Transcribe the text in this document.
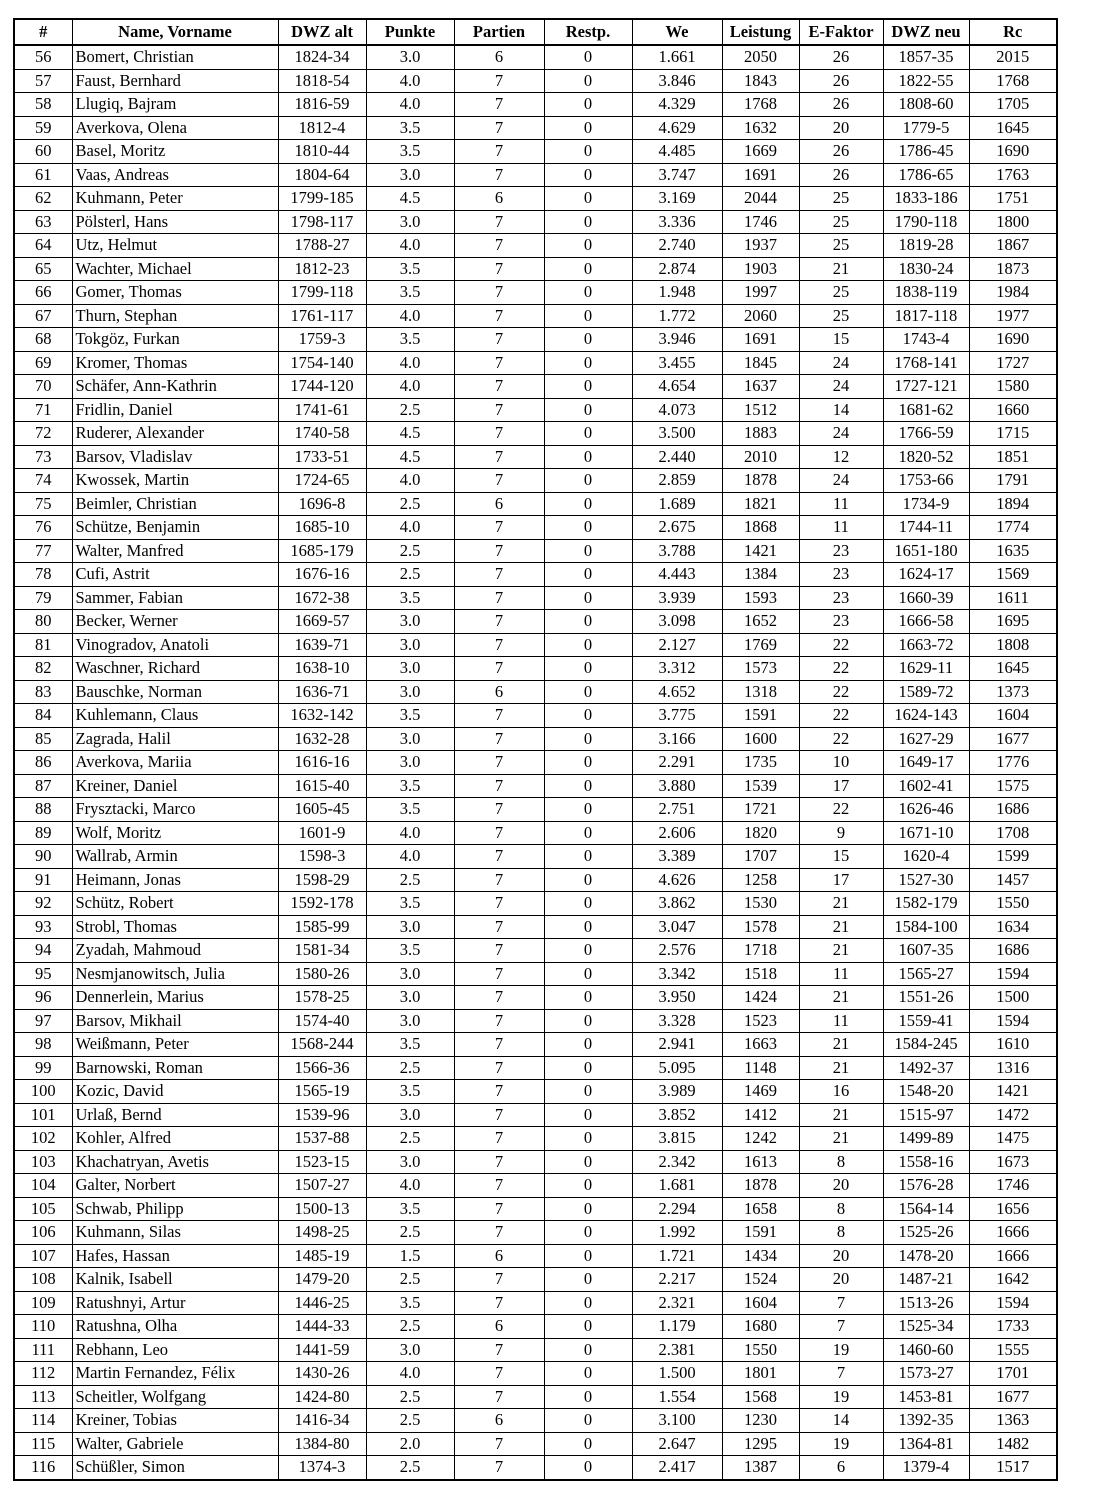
#	Name, Vorname	DWZ alt	Punkte	Partien	Restp.	We	Leistung	E-Faktor	DWZ neu	Rc
56	Bomert, Christian	1824-34	3.0	6	0	1.661	2050	26	1857-35	2015
57	Faust, Bernhard	1818-54	4.0	7	0	3.846	1843	26	1822-55	1768
58	Llugiq, Bajram	1816-59	4.0	7	0	4.329	1768	26	1808-60	1705
59	Averkova, Olena	1812-4	3.5	7	0	4.629	1632	20	1779-5	1645
60	Basel, Moritz	1810-44	3.5	7	0	4.485	1669	26	1786-45	1690
61	Vaas, Andreas	1804-64	3.0	7	0	3.747	1691	26	1786-65	1763
62	Kuhmann, Peter	1799-185	4.5	6	0	3.169	2044	25	1833-186	1751
63	Pölsterl, Hans	1798-117	3.0	7	0	3.336	1746	25	1790-118	1800
64	Utz, Helmut	1788-27	4.0	7	0	2.740	1937	25	1819-28	1867
65	Wachter, Michael	1812-23	3.5	7	0	2.874	1903	21	1830-24	1873
66	Gomer, Thomas	1799-118	3.5	7	0	1.948	1997	25	1838-119	1984
67	Thurn, Stephan	1761-117	4.0	7	0	1.772	2060	25	1817-118	1977
68	Tokgöz, Furkan	1759-3	3.5	7	0	3.946	1691	15	1743-4	1690
69	Kromer, Thomas	1754-140	4.0	7	0	3.455	1845	24	1768-141	1727
70	Schäfer, Ann-Kathrin	1744-120	4.0	7	0	4.654	1637	24	1727-121	1580
71	Fridlin, Daniel	1741-61	2.5	7	0	4.073	1512	14	1681-62	1660
72	Ruderer, Alexander	1740-58	4.5	7	0	3.500	1883	24	1766-59	1715
73	Barsov, Vladislav	1733-51	4.5	7	0	2.440	2010	12	1820-52	1851
74	Kwossek, Martin	1724-65	4.0	7	0	2.859	1878	24	1753-66	1791
75	Beimler, Christian	1696-8	2.5	6	0	1.689	1821	11	1734-9	1894
76	Schütze, Benjamin	1685-10	4.0	7	0	2.675	1868	11	1744-11	1774
77	Walter, Manfred	1685-179	2.5	7	0	3.788	1421	23	1651-180	1635
78	Cufi, Astrit	1676-16	2.5	7	0	4.443	1384	23	1624-17	1569
79	Sammer, Fabian	1672-38	3.5	7	0	3.939	1593	23	1660-39	1611
80	Becker, Werner	1669-57	3.0	7	0	3.098	1652	23	1666-58	1695
81	Vinogradov, Anatoli	1639-71	3.0	7	0	2.127	1769	22	1663-72	1808
82	Waschner, Richard	1638-10	3.0	7	0	3.312	1573	22	1629-11	1645
83	Bauschke, Norman	1636-71	3.0	6	0	4.652	1318	22	1589-72	1373
84	Kuhlemann, Claus	1632-142	3.5	7	0	3.775	1591	22	1624-143	1604
85	Zagrada, Halil	1632-28	3.0	7	0	3.166	1600	22	1627-29	1677
86	Averkova, Mariia	1616-16	3.0	7	0	2.291	1735	10	1649-17	1776
87	Kreiner, Daniel	1615-40	3.5	7	0	3.880	1539	17	1602-41	1575
88	Frysztacki, Marco	1605-45	3.5	7	0	2.751	1721	22	1626-46	1686
89	Wolf, Moritz	1601-9	4.0	7	0	2.606	1820	9	1671-10	1708
90	Wallrab, Armin	1598-3	4.0	7	0	3.389	1707	15	1620-4	1599
91	Heimann, Jonas	1598-29	2.5	7	0	4.626	1258	17	1527-30	1457
92	Schütz, Robert	1592-178	3.5	7	0	3.862	1530	21	1582-179	1550
93	Strobl, Thomas	1585-99	3.0	7	0	3.047	1578	21	1584-100	1634
94	Zyadah, Mahmoud	1581-34	3.5	7	0	2.576	1718	21	1607-35	1686
95	Nesmjanowitsch, Julia	1580-26	3.0	7	0	3.342	1518	11	1565-27	1594
96	Dennerlein, Marius	1578-25	3.0	7	0	3.950	1424	21	1551-26	1500
97	Barsov, Mikhail	1574-40	3.0	7	0	3.328	1523	11	1559-41	1594
98	Weißmann, Peter	1568-244	3.5	7	0	2.941	1663	21	1584-245	1610
99	Barnowski, Roman	1566-36	2.5	7	0	5.095	1148	21	1492-37	1316
100	Kozic, David	1565-19	3.5	7	0	3.989	1469	16	1548-20	1421
101	Urlaß, Bernd	1539-96	3.0	7	0	3.852	1412	21	1515-97	1472
102	Kohler, Alfred	1537-88	2.5	7	0	3.815	1242	21	1499-89	1475
103	Khachatryan, Avetis	1523-15	3.0	7	0	2.342	1613	8	1558-16	1673
104	Galter, Norbert	1507-27	4.0	7	0	1.681	1878	20	1576-28	1746
105	Schwab, Philipp	1500-13	3.5	7	0	2.294	1658	8	1564-14	1656
106	Kuhmann, Silas	1498-25	2.5	7	0	1.992	1591	8	1525-26	1666
107	Hafes, Hassan	1485-19	1.5	6	0	1.721	1434	20	1478-20	1666
108	Kalnik, Isabell	1479-20	2.5	7	0	2.217	1524	20	1487-21	1642
109	Ratushnyi, Artur	1446-25	3.5	7	0	2.321	1604	7	1513-26	1594
110	Ratushna, Olha	1444-33	2.5	6	0	1.179	1680	7	1525-34	1733
111	Rebhann, Leo	1441-59	3.0	7	0	2.381	1550	19	1460-60	1555
112	Martin Fernandez, Félix	1430-26	4.0	7	0	1.500	1801	7	1573-27	1701
113	Scheitler, Wolfgang	1424-80	2.5	7	0	1.554	1568	19	1453-81	1677
114	Kreiner, Tobias	1416-34	2.5	6	0	3.100	1230	14	1392-35	1363
115	Walter, Gabriele	1384-80	2.0	7	0	2.647	1295	19	1364-81	1482
116	Schüßler, Simon	1374-3	2.5	7	0	2.417	1387	6	1379-4	1517
